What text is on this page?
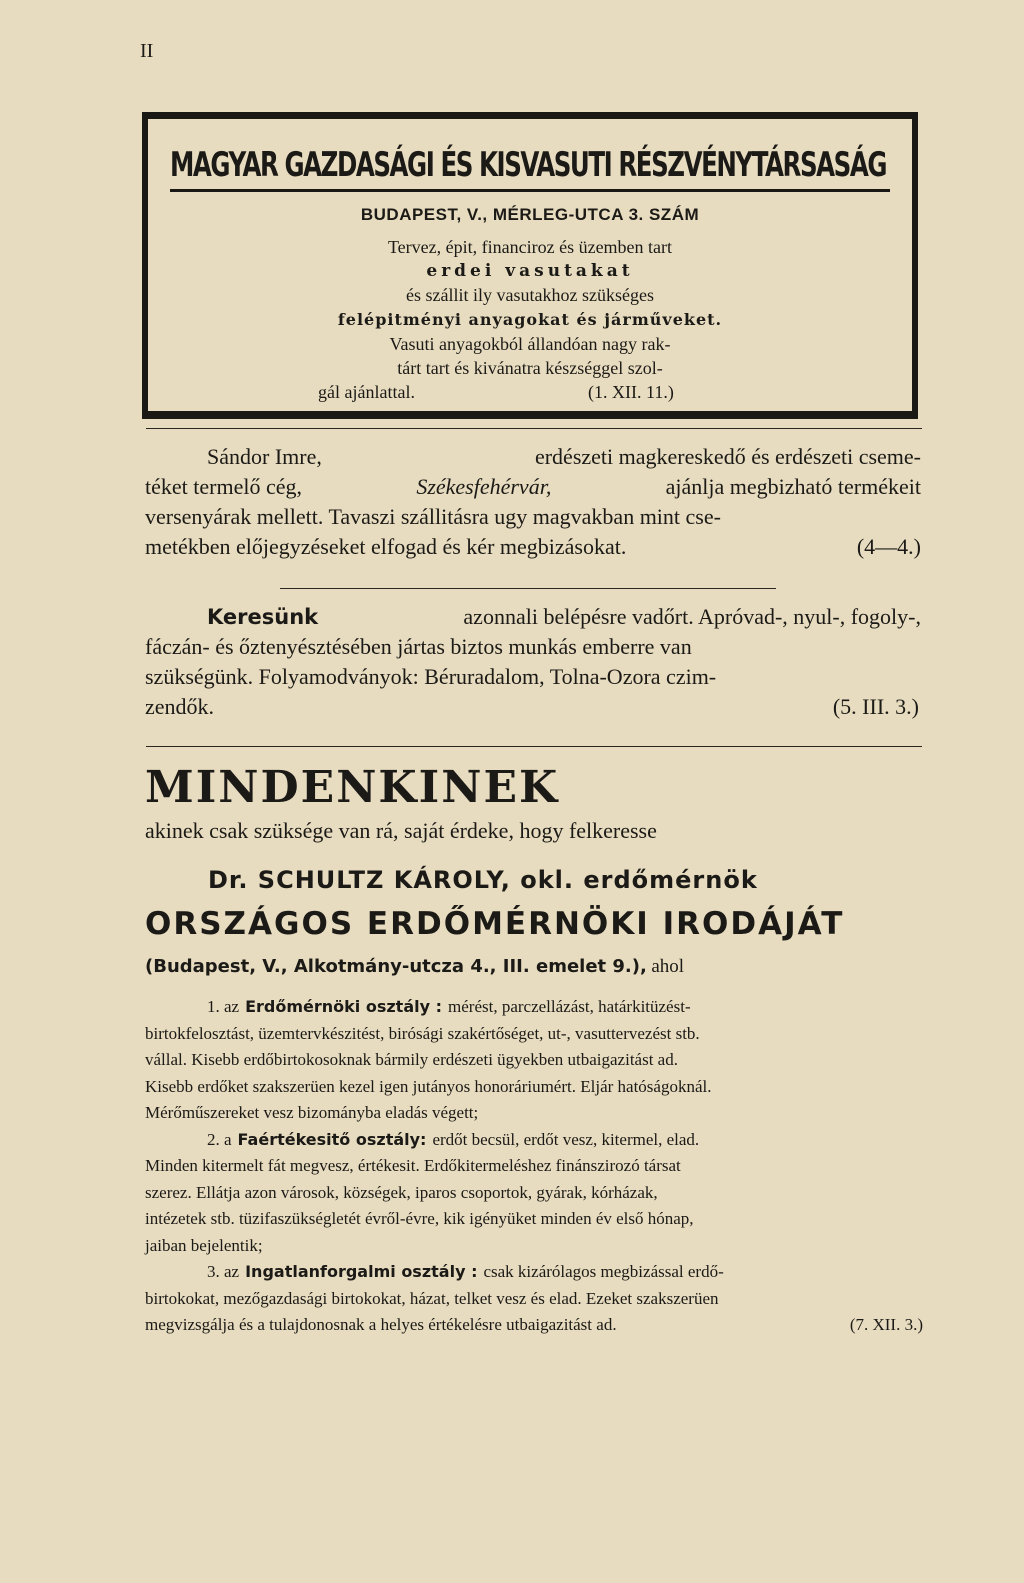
II
MAGYAR GAZDASÁGI ÉS KISVASUTI RÉSZVÉNYTÁRSASÁG
BUDAPEST, V., MÉRLEG-UTCA 3. SZÁM
Tervez, épit, financiroz és üzemben tart
erdei vasutakat
és szállit ily vasutakhoz szükséges
felépitményi anyagokat és járműveket.
Vasuti anyagokból állandóan nagy rak-
tárt tart és kivánatra készséggel szol-
gál ajánlattal.	(1. XII. 11.)
Sándor Imre,	erdészeti magkereskedő és erdészeti cseme-
téket termelő cég,	Székesfehérvár,	ajánlja megbizható termékeit
versenyárak mellett. Tavaszi szállitásra ugy magvakban mint cse-
metékben előjegyzéseket elfogad és kér megbizásokat.	(4—4.)
Keresünk	azonnali belépésre vadőrt. Apróvad-, nyul-, fogoly-,
fáczán- és őztenyésztésében jártas biztos munkás emberre van
szükségünk. Folyamodványok: Béruradalom, Tolna-Ozora czim-
zendők.	(5. III. 3.)
MINDENKINEK
akinek csak szüksége van rá, saját érdeke, hogy felkeresse
Dr. SCHULTZ KÁROLY, okl. erdőmérnök
ORSZÁGOS ERDŐMÉRNÖKI IRODÁJÁT
(Budapest, V., Alkotmány-utcza 4., III. emelet 9.), ahol
1. az Erdőmérnöki osztály : mérést, parczellázást, határkitüzést-
birtokfelosztást, üzemtervkészitést, birósági szakértőséget, ut-, vasuttervezést stb.
vállal. Kisebb erdőbirtokosoknak bármily erdészeti ügyekben utbaigazitást ad.
Kisebb erdőket szakszerüen kezel igen jutányos honoráriumért. Eljár hatóságoknál.
Mérőműszereket vesz bizományba eladás végett;
2. a Faértékesitő osztály: erdőt becsül, erdőt vesz, kitermel, elad.
Minden kitermelt fát megvesz, értékesit. Erdőkitermeléshez finánszirozó társat
szerez. Ellátja azon városok, községek, iparos csoportok, gyárak, kórházak,
intézetek stb. tüzifaszükségletét évről-évre, kik igényüket minden év első hónap,
jaiban bejelentik;
3. az Ingatlanforgalmi osztály : csak kizárólagos megbizással erdő-
birtokokat, mezőgazdasági birtokokat, házat, telket vesz és elad. Ezeket szakszerüen
megvizsgálja és a tulajdonosnak a helyes értékelésre utbaigazitást ad.	(7. XII. 3.)
